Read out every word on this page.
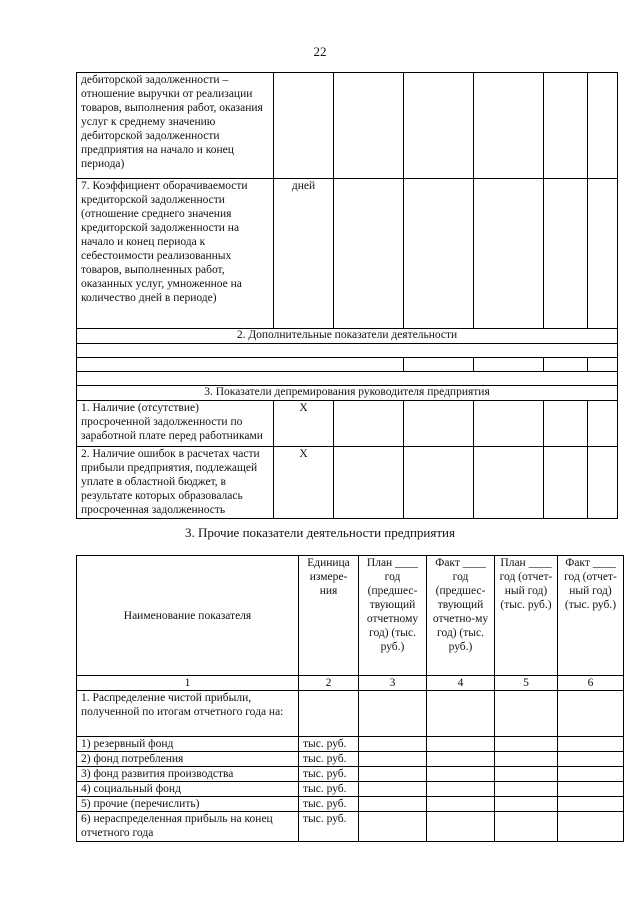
22
дебиторской задолженности – отношение выручки от реализации товаров, выполнения работ, оказания услуг к среднему значению дебиторской задолженности предприятия на начало и конец периода)						
7. Коэффициент оборачиваемости кредиторской задолженности (отношение среднего значения кредиторской задолженности на начало и конец периода к себестоимости реализованных товаров, выполненных работ, оказанных услуг, умноженное на количество дней в периоде)	дней					
2. Дополнительные показатели деятельности						

3. Показатели депремирования руководителя предприятия						
1. Наличие (отсутствие) просроченной задолженности по заработной плате перед работниками	Х					
2. Наличие ошибок в расчетах части прибыли предприятия, подлежащей уплате в областной бюджет, в результате которых образовалась просроченная задолженность	Х					
3. Прочие показатели деятельности предприятия
Наименование показателя	Единица измере-ния	План ____ год (предшес-твующий отчетному год) (тыс. руб.)	Факт ____ год (предшес-твующий отчетно-му год) (тыс. руб.)	План ____ год (отчет-ный год) (тыс. руб.)	Факт ____ год (отчет-ный год) (тыс. руб.)
1	2	3	4	5	6
1. Распределение чистой прибыли, полученной по итогам отчетного года на:					
1) резервный фонд	тыс. руб.				
2) фонд потребления	тыс. руб.				
3) фонд развития производства	тыс. руб.				
4) социальный фонд	тыс. руб.				
5) прочие (перечислить)	тыс. руб.				
6) нераспределенная прибыль на конец отчетного года	тыс. руб.				
